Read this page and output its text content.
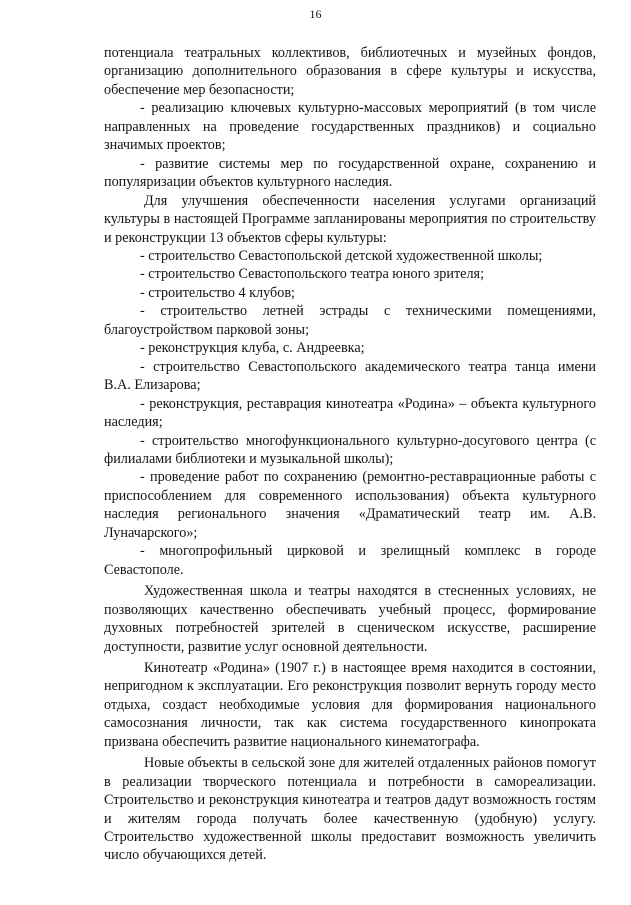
16

потенциала театральных коллективов, библиотечных и музейных фондов, организацию дополнительного образования в сфере культуры и искусства, обеспечение мер безопасности;

- реализацию ключевых культурно-массовых мероприятий (в том числе направленных на проведение государственных праздников) и социально значимых проектов;

- развитие системы мер по государственной охране, сохранению и популяризации объектов культурного наследия.

Для улучшения обеспеченности населения услугами организаций культуры в настоящей Программе запланированы мероприятия по строительству и реконструкции 13 объектов сферы культуры:

- строительство Севастопольской детской художественной школы;

- строительство Севастопольского театра юного зрителя;

- строительство 4 клубов;

- строительство летней эстрады с техническими помещениями, благоустройством парковой зоны;

- реконструкция клуба, с. Андреевка;

- строительство Севастопольского академического театра танца имени В.А. Елизарова;

- реконструкция, реставрация кинотеатра «Родина» – объекта культурного наследия;

- строительство многофункционального культурно-досугового центра (с филиалами библиотеки и музыкальной школы);

- проведение работ по сохранению (ремонтно-реставрационные работы с приспособлением для современного использования) объекта культурного наследия регионального значения «Драматический театр им. А.В. Луначарского»;

- многопрофильный цирковой и зрелищный комплекс в городе Севастополе.

Художественная школа и театры находятся в стесненных условиях, не позволяющих качественно обеспечивать учебный процесс, формирование духовных потребностей зрителей в сценическом искусстве, расширение доступности, развитие услуг основной деятельности.

Кинотеатр «Родина» (1907 г.) в настоящее время находится в состоянии, непригодном к эксплуатации. Его реконструкция позволит вернуть городу место отдыха, создаст необходимые условия для формирования национального самосознания личности, так как система государственного кинопроката призвана обеспечить развитие национального кинематографа.

Новые объекты в сельской зоне для жителей отдаленных районов помогут в реализации творческого потенциала и потребности в самореализации. Строительство и реконструкция кинотеатра и театров дадут возможность гостям и жителям города получать более качественную (удобную) услугу. Строительство художественной школы предоставит возможность увеличить число обучающихся детей.
